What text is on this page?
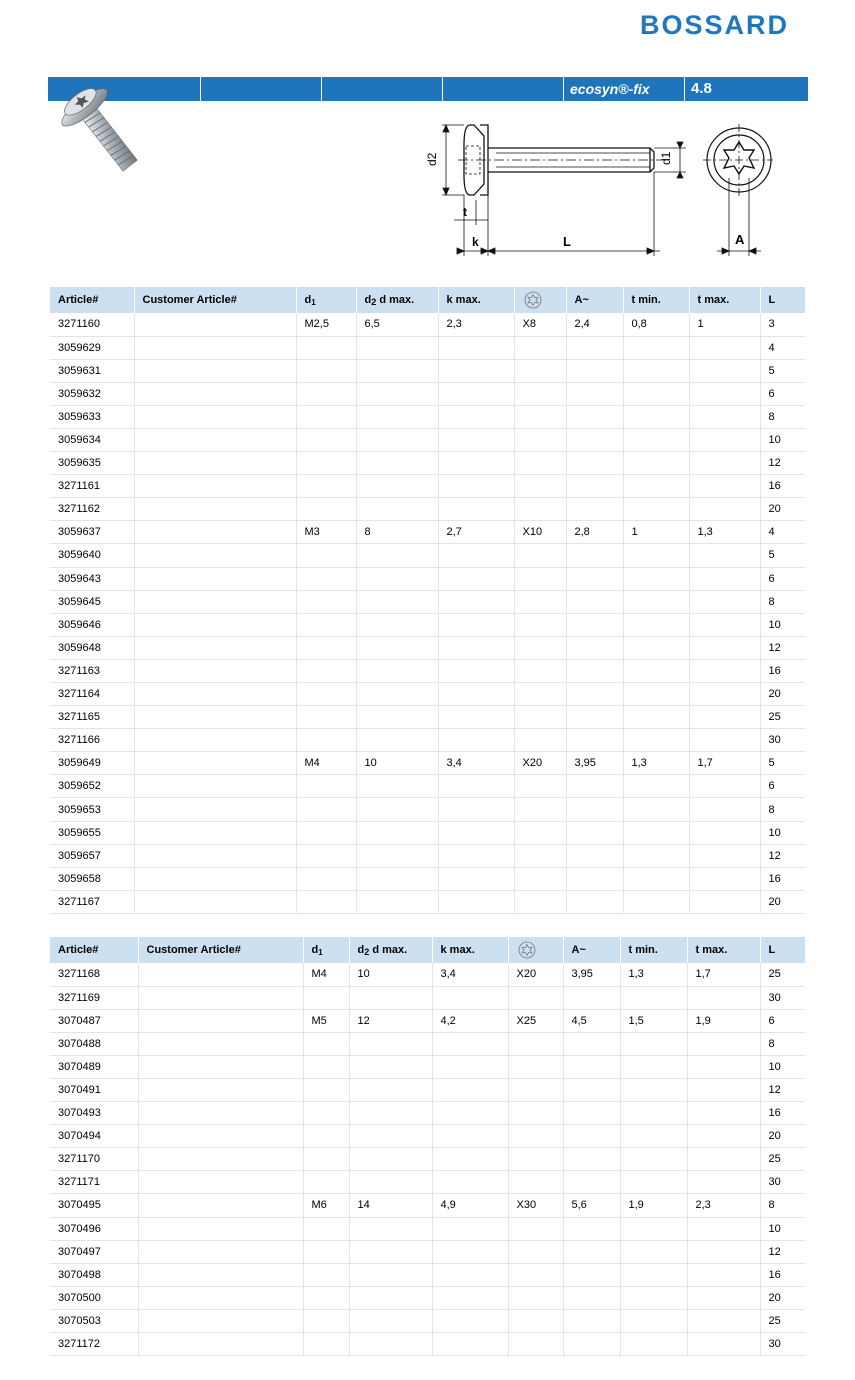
BOSSARD
ecosyn®-fix	4.8
d2	d1
t
k	L	A
Article#	Customer Article#	$d_1$	d2 d max.	k max.		A~	t min.	t max.	L
3271160		M2,5	6,5	2,3	X8	2,4	0,8	1	3
3059629									4
3059631									5
3059632									6
3059633									8
3059634									10
3059635									12
3271161									16
3271162									20
3059637		M3	8	2,7	X10	2,8	1	1,3	4
3059640									5
3059643									6
3059645									8
3059646									10
3059648									12
3271163									16
3271164									20
3271165									25
3271166									30
3059649		M4	10	3,4	X20	3,95	1,3	1,7	5
3059652									6
3059653									8
3059655									10
3059657									12
3059658									16
3271167									20
Article#	Customer Article#	$d_1$	d2 d max.	k max.		A~	t min.	t max.	L
3271168		M4	10	3,4	X20	3,95	1,3	1,7	25
3271169									30
3070487		M5	12	4,2	X25	4,5	1,5	1,9	6
3070488									8
3070489									10
3070491									12
3070493									16
3070494									20
3271170									25
3271171									30
3070495		M6	14	4,9	X30	5,6	1,9	2,3	8
3070496									10
3070497									12
3070498									16
3070500									20
3070503									25
3271172									30
